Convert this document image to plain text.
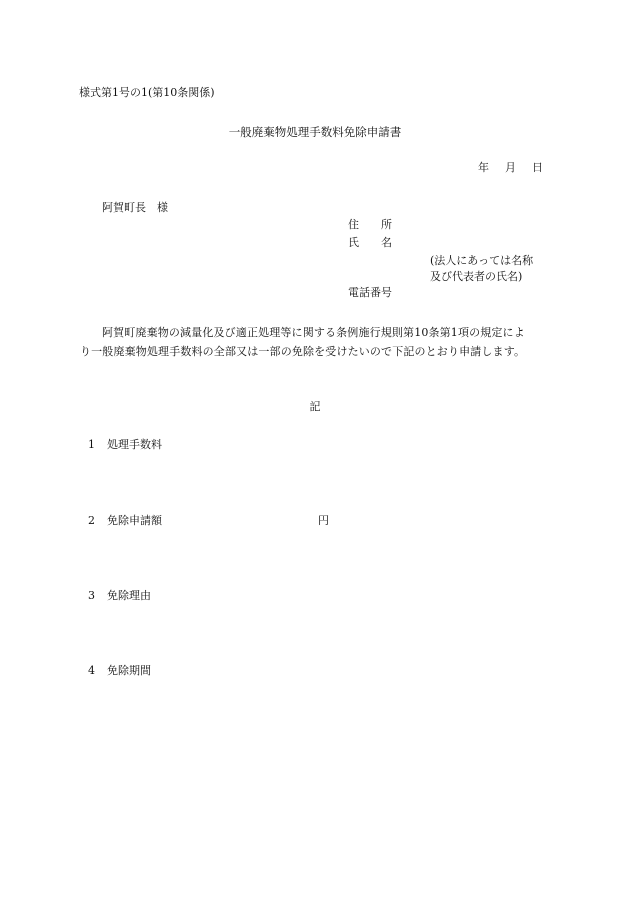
様式第1号の1(第10条関係)
一般廃棄物処理手数料免除申請書
年 月 日
阿賀町長　様
住　　所
氏　　名
(法人にあっては名称
及び代表者の氏名)
電話番号

阿賀町廃棄物の減量化及び適正処理等に関する条例施行規則第10条第1項の規定によ

り一般廃棄物処理手数料の全部又は一部の免除を受けたいので下記のとおり申請します。

記
1 処理手数料
2 免除申請額	円
3 免除理由
4 免除期間
